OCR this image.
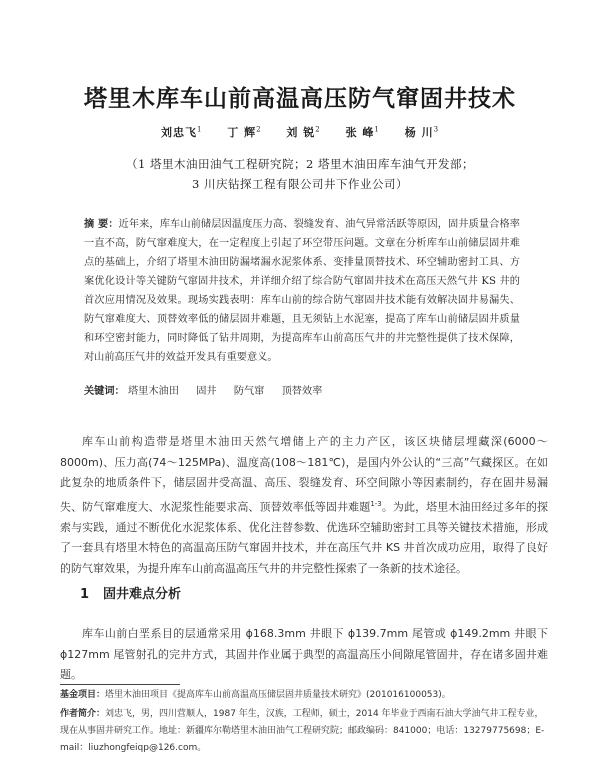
塔里木库车山前高温高压防气窜固井技术
刘忠飞$^1$ 丁 辉$^2$ 刘 锐$^2$ 张 峰$^1$ 杨 川$^3$
（1 塔里木油田油气工程研究院；2 塔里木油田库车油气开发部；
3 川庆钻探工程有限公司井下作业公司）
摘 要：近年来，库车山前储层因温度压力高、裂缝发育、油气异常活跃等原因，固井质量合格率一直不高，防气窜难度大，在一定程度上引起了环空带压问题。文章在分析库车山前储层固井难点的基础上，介绍了塔里木油田防漏堵漏水泥浆体系、变排量顶替技术、环空辅助密封工具、方案优化设计等关键防气窜固井技术，并详细介绍了综合防气窜固井技术在高压天然气井 KS 井的首次应用情况及效果。现场实践表明：库车山前的综合防气窜固井技术能有效解决固井易漏失、防气窜难度大、顶替效率低的储层固井难题，且无须钻上水泥塞，提高了库车山前储层固井质量和环空密封能力，同时降低了钻井周期，为提高库车山前高压气井的井完整性提供了技术保障，对山前高压气井的效益开发具有重要意义。
关键词： 塔里木油田 固井 防气窜 顶替效率
库车山前构造带是塔里木油田天然气增储上产的主力产区，该区块储层埋藏深(6000～8000m)、压力高(74～125MPa)、温度高(108～181℃)，是国内外公认的“三高”气藏探区。在如此复杂的地质条件下，储层固井受高温、高压、裂缝发育、环空间隙小等因素制约，存在固井易漏失、防气窜难度大、水泥浆性能要求高、顶替效率低等固井难题$^{1-3}$。为此，塔里木油田经过多年的探索与实践，通过不断优化水泥浆体系、优化注替参数、优选环空辅助密封工具等关键技术措施，形成了一套具有塔里木特色的高温高压防气窜固井技术，并在高压气井 KS 井首次成功应用，取得了良好的防气窜效果，为提升库车山前高温高压气井的井完整性探索了一条新的技术途径。
1 固井难点分析
库车山前白垩系目的层通常采用 ϕ168.3mm 井眼下 ϕ139.7mm 尾管或 ϕ149.2mm 井眼下 ϕ127mm 尾管射孔的完井方式，其固井作业属于典型的高温高压小间隙尾管固井，存在诸多固井难题。
基金项目：塔里木油田项目《提高库车山前高温高压储层固井质量技术研究》(201016100053)。
作者简介：刘忠飞，男，四川营顺人，1987 年生，汉族，工程师，硕士，2014 年毕业于西南石油大学油气井工程专业，现在从事固井研究工作。地址：新疆库尔勒塔里木油田油气工程研究院；邮政编码：841000；电话：13279775698；E-mail：liuzhongfeiqp@126.com。
